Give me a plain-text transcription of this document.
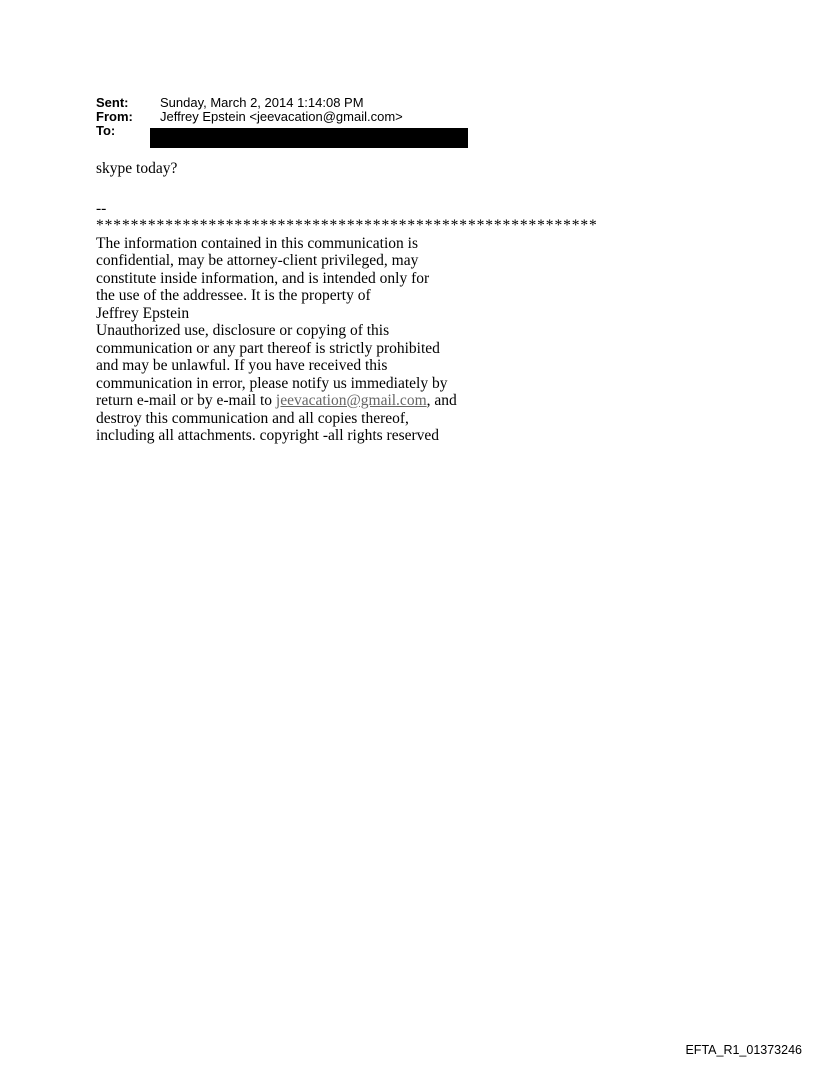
Sent:	Sunday, March 2, 2014 1:14:08 PM
From:	Jeffrey Epstein <jeevacation@gmail.com>
To:

skype today?

--

**********************************************************

The information contained in this communication is

confidential, may be attorney-client privileged, may

constitute inside information, and is intended only for

the use of the addressee. It is the property of

Jeffrey Epstein

Unauthorized use, disclosure or copying of this

communication or any part thereof is strictly prohibited

and may be unlawful. If you have received this

communication in error, please notify us immediately by

return e-mail or by e-mail to jeevacation@gmail.com, and

destroy this communication and all copies thereof,

including all attachments. copyright -all rights reserved

EFTA_R1_01373246
